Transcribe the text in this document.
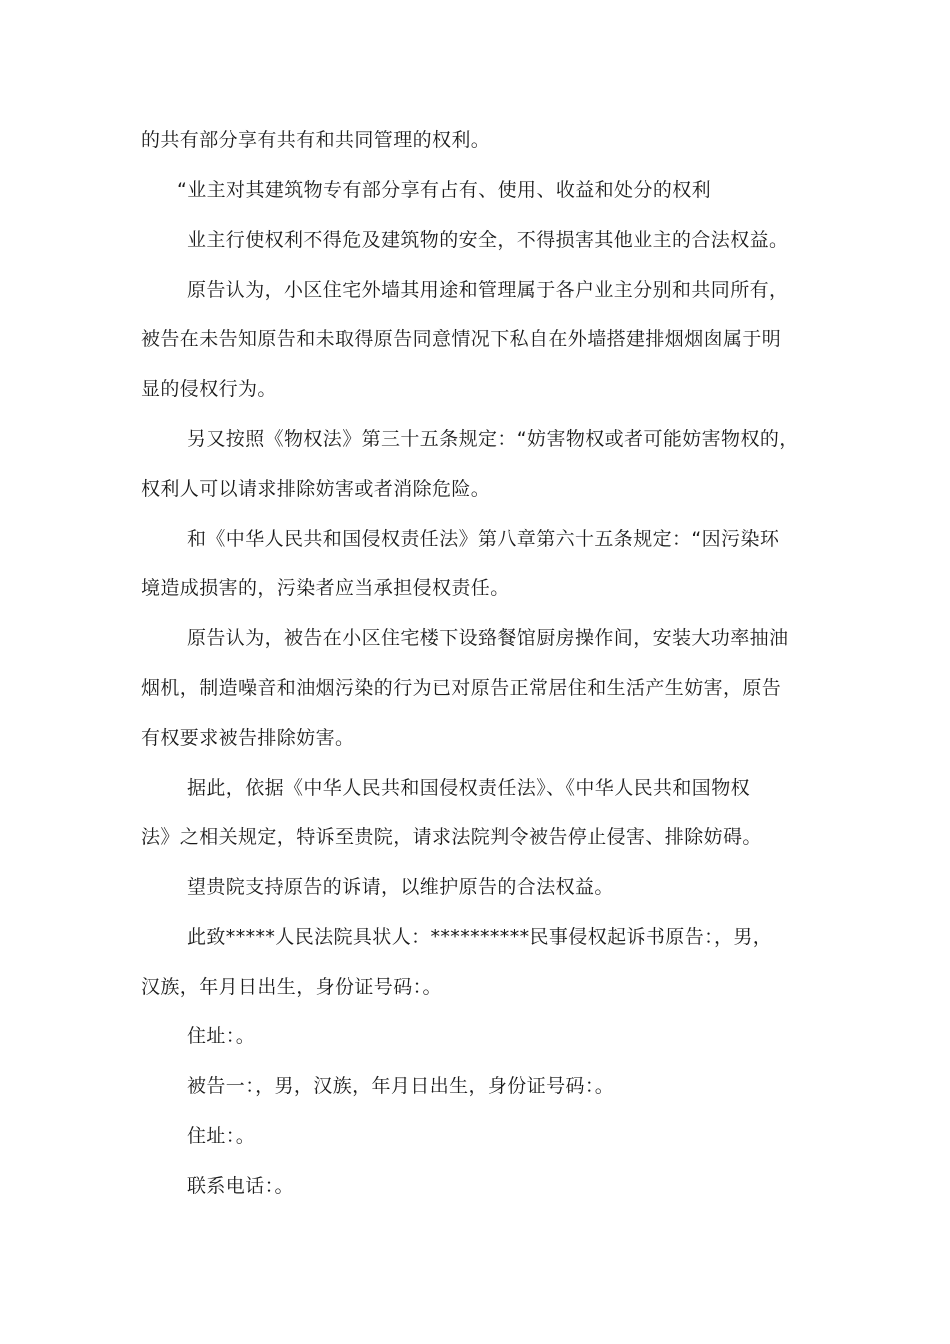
的共有部分享有共有和共同管理的权利。
“业主对其建筑物专有部分享有占有、使用、收益和处分的权利
业主行使权利不得危及建筑物的安全，不得损害其他业主的合法权益。
原告认为，小区住宅外墙其用途和管理属于各户业主分别和共同所有，
被告在未告知原告和未取得原告同意情况下私自在外墙搭建排烟烟囱属于明
显的侵权行为。
另又按照《物权法》第三十五条规定：“妨害物权或者可能妨害物权的，
权利人可以请求排除妨害或者消除危险。
和《中华人民共和国侵权责任法》第八章第六十五条规定：“因污染环
境造成损害的，污染者应当承担侵权责任。
原告认为，被告在小区住宅楼下设臵餐馆厨房操作间，安装大功率抽油
烟机，制造噪音和油烟污染的行为已对原告正常居住和生活产生妨害，原告
有权要求被告排除妨害。
据此，依据《中华人民共和国侵权责任法》、《中华人民共和国物权
法》之相关规定，特诉至贵院，请求法院判令被告停止侵害、排除妨碍。
望贵院支持原告的诉请，以维护原告的合法权益。
此致*****人民法院具状人：**********民事侵权起诉书原告：，男，
汉族，年月日出生，身份证号码：。
住址：。
被告一：，男，汉族，年月日出生，身份证号码：。
住址：。
联系电话：。
